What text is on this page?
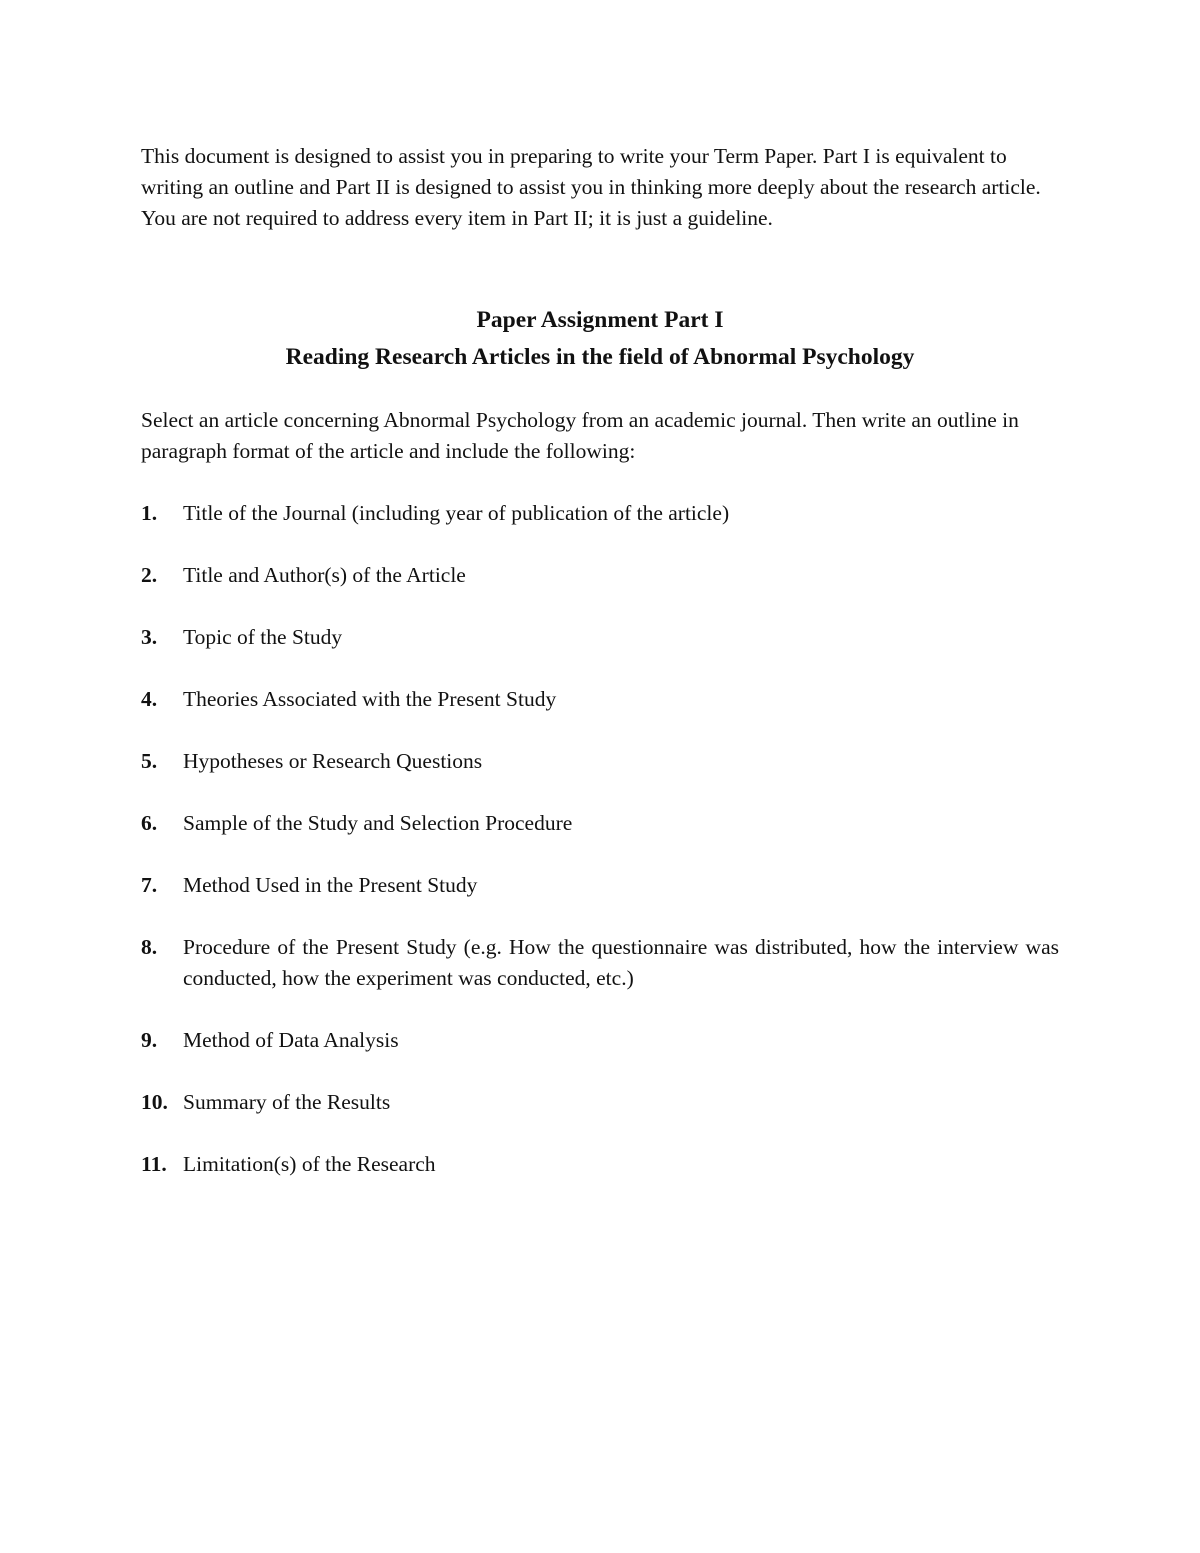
This document is designed to assist you in preparing to write your Term Paper. Part I is equivalent to writing an outline and Part II is designed to assist you in thinking more deeply about the research article. You are not required to address every item in Part II; it is just a guideline.

Paper Assignment Part I
Reading Research Articles in the field of Abnormal Psychology

Select an article concerning Abnormal Psychology from an academic journal. Then write an outline in paragraph format of the article and include the following:

1.	Title of the Journal (including year of publication of the article)
2.	Title and Author(s) of the Article
3.	Topic of the Study
4.	Theories Associated with the Present Study
5.	Hypotheses or Research Questions
6.	Sample of the Study and Selection Procedure
7.	Method Used in the Present Study
8.	Procedure of the Present Study (e.g. How the questionnaire was distributed, how the interview was conducted, how the experiment was conducted, etc.)
9.	Method of Data Analysis
10. Summary of the Results
11. Limitation(s) of the Research
